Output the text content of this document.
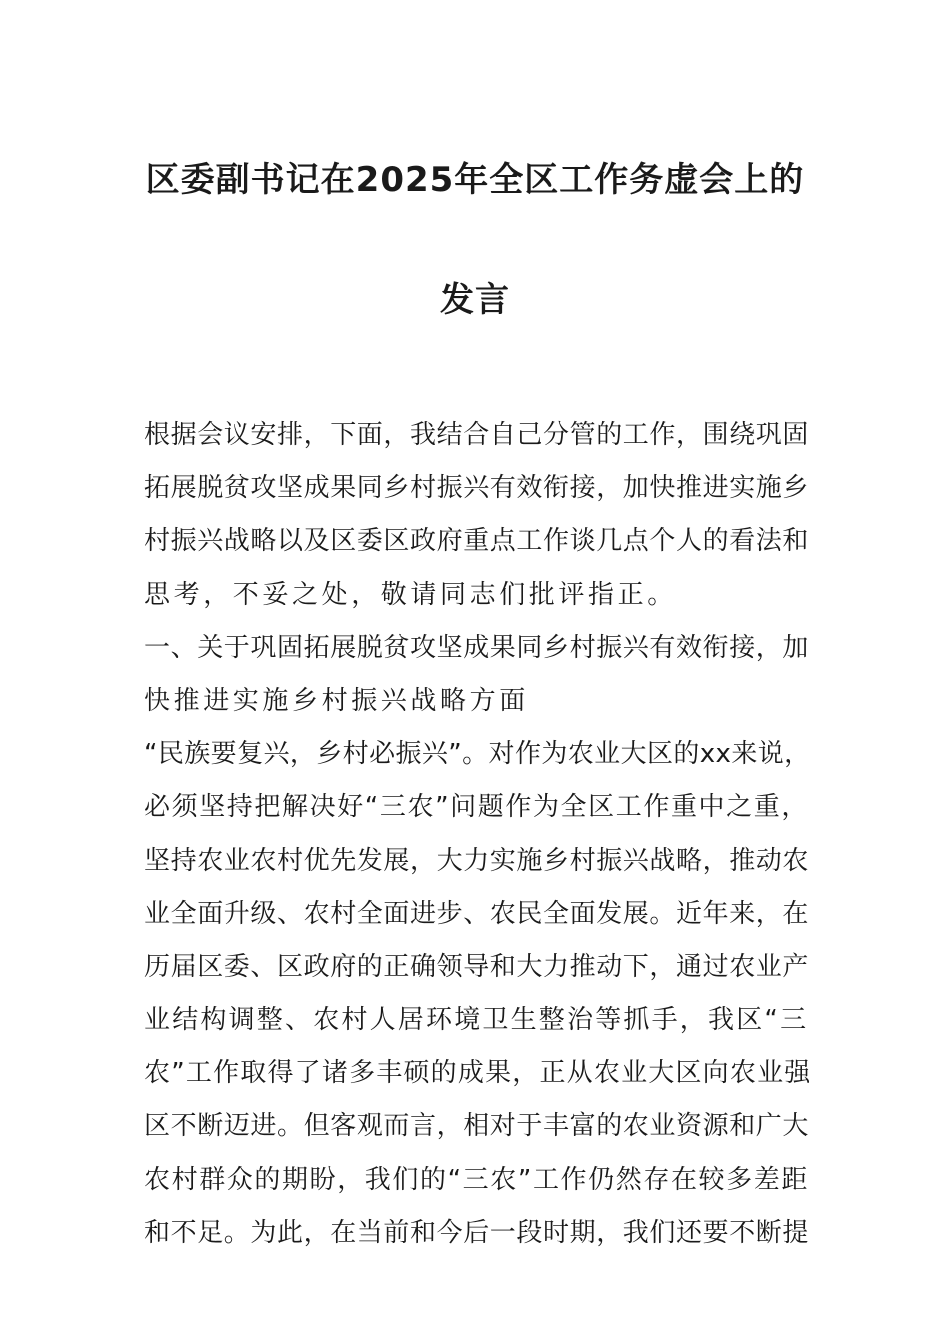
区委副书记在2025年全区工作务虚会上的
发言

根据会议安排，下面，我结合自己分管的工作，围绕巩固

拓展脱贫攻坚成果同乡村振兴有效衔接，加快推进实施乡

村振兴战略以及区委区政府重点工作谈几点个人的看法和

思考，不妥之处，敬请同志们批评指正。

一、关于巩固拓展脱贫攻坚成果同乡村振兴有效衔接，加

快推进实施乡村振兴战略方面

“民族要复兴，乡村必振兴”。对作为农业大区的xx来说，

必须坚持把解决好“三农”问题作为全区工作重中之重，

坚持农业农村优先发展，大力实施乡村振兴战略，推动农

业全面升级、农村全面进步、农民全面发展。近年来，在

历届区委、区政府的正确领导和大力推动下，通过农业产

业结构调整、农村人居环境卫生整治等抓手，我区“三

农”工作取得了诸多丰硕的成果，正从农业大区向农业强

区不断迈进。但客观而言，相对于丰富的农业资源和广大

农村群众的期盼，我们的“三农”工作仍然存在较多差距

和不足。为此，在当前和今后一段时期，我们还要不断提
